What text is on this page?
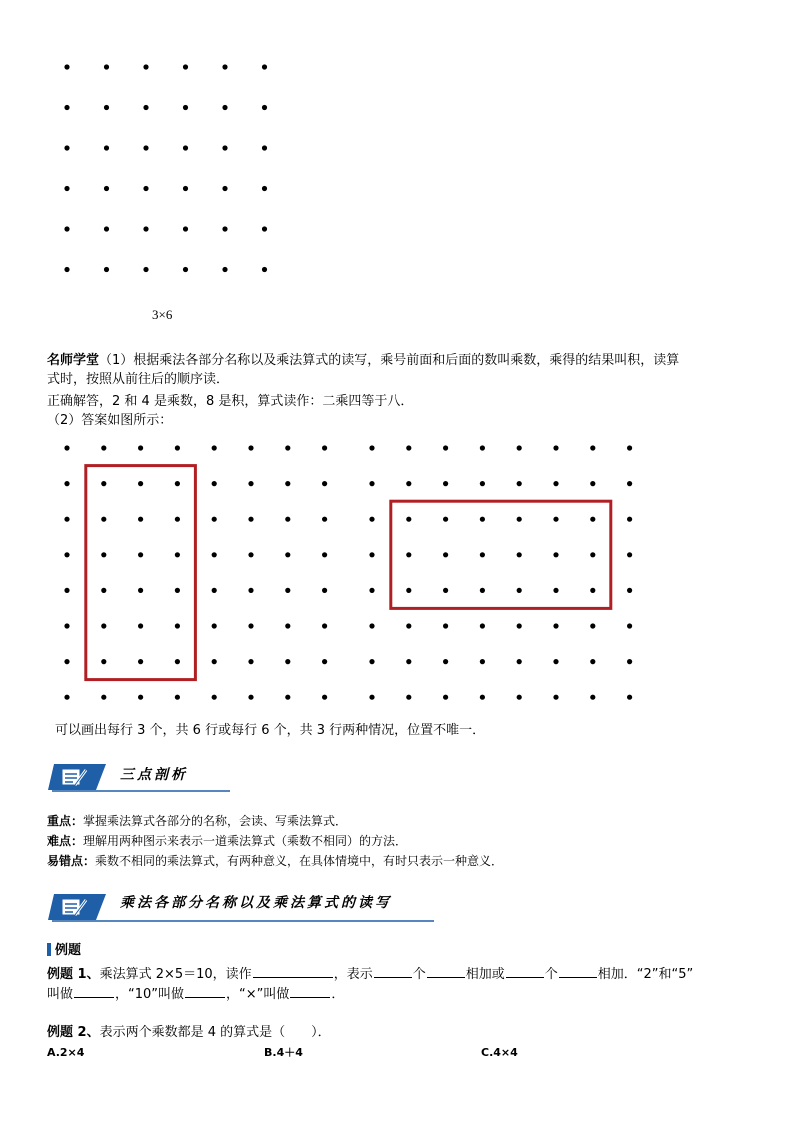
3×6
名师学堂（1）根据乘法各部分名称以及乘法算式的读写，乘号前面和后面的数叫乘数，乘得的结果叫积，读算
式时，按照从前往后的顺序读．
正确解答，2 和 4 是乘数，8 是积，算式读作：二乘四等于八．
（2）答案如图所示：
可以画出每行 3 个，共 6 行或每行 6 个，共 3 行两种情况，位置不唯一．
三点剖析
重点：掌握乘法算式各部分的名称，会读、写乘法算式．
难点：理解用两种图示来表示一道乘法算式（乘数不相同）的方法．
易错点：乘数不相同的乘法算式，有两种意义，在具体情境中，有时只表示一种意义．
乘法各部分名称以及乘法算式的读写
例题
例题 1、乘法算式 2×5＝10，读作	，表示	个	相加或	个	相加．“2”和“5”
叫做	，“10”叫做	，“×”叫做	．
例题 2、表示两个乘数都是 4 的算式是（　　）．
A.2×4	B.4＋4	C.4×4
